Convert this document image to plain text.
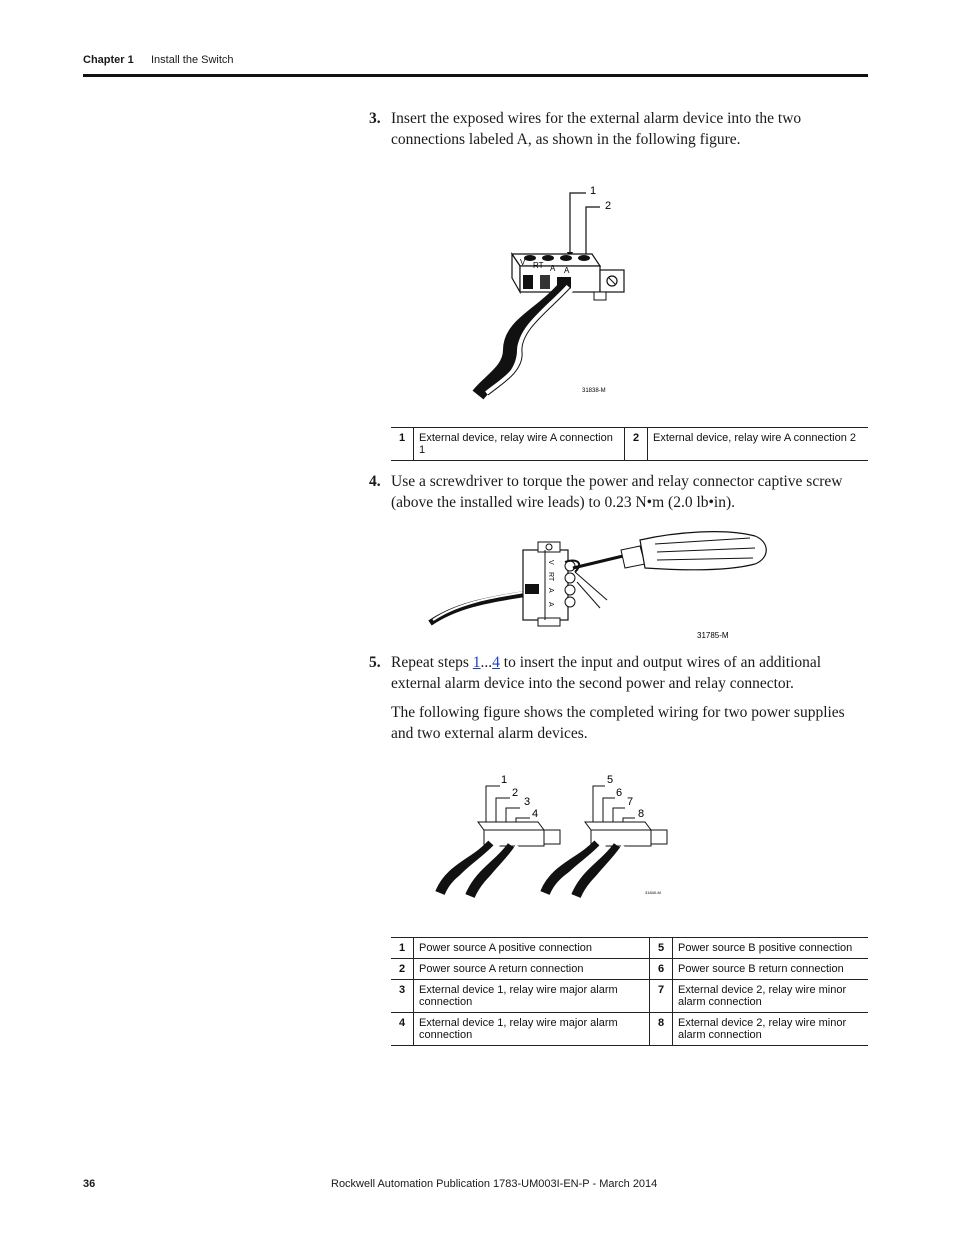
Chapter 1 Install the Switch
3. Insert the exposed wires for the external alarm device into the two connections labeled A, as shown in the following figure.
1
2
V RT A A
31838-M
1	External device, relay wire A connection 1	2	External device, relay wire A connection 2
4. Use a screwdriver to torque the power and relay connector captive screw (above the installed wire leads) to 0.23 N•m (2.0 lb•in).
V
RT
A
A
31785-M
5. Repeat steps 1...4 to insert the input and output wires of an additional external alarm device into the second power and relay connector.
The following figure shows the completed wiring for two power supplies and two external alarm devices.
1
2
3
4
5
6
7
8
31840-M
1	Power source A positive connection	5	Power source B positive connection
2	Power source A return connection	6	Power source B return connection
3	External device 1, relay wire major alarm connection	7	External device 2, relay wire minor alarm connection
4	External device 1, relay wire major alarm connection	8	External device 2, relay wire minor alarm connection
36	Rockwell Automation Publication 1783-UM003I-EN-P - March 2014
